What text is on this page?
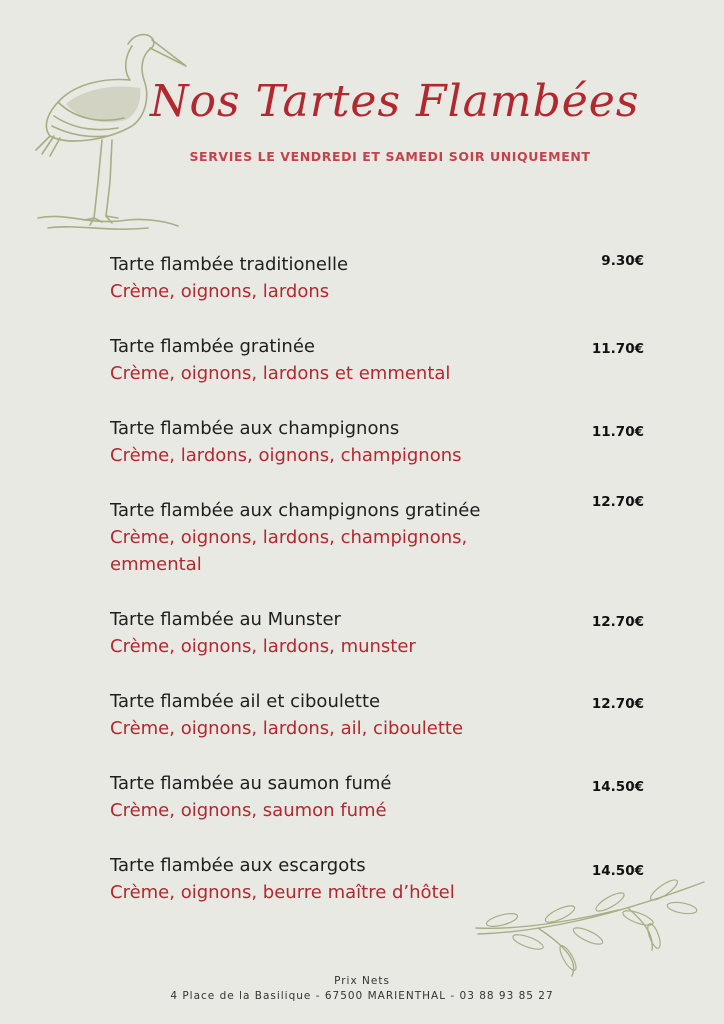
Nos Tartes Flambées
SERVIES LE VENDREDI ET SAMEDI SOIR UNIQUEMENT
Tarte flambée traditionelle
Crème, oignons, lardons
9.30€
Tarte flambée gratinée
Crème, oignons, lardons et emmental
11.70€
Tarte flambée aux champignons
Crème, lardons, oignons, champignons
11.70€
Tarte flambée aux champignons gratinée
Crème, oignons, lardons, champignons, emmental
12.70€
Tarte flambée au Munster
Crème, oignons, lardons, munster
12.70€
Tarte flambée ail et ciboulette
Crème, oignons, lardons, ail, ciboulette
12.70€
Tarte flambée au saumon fumé
Crème, oignons, saumon fumé
14.50€
Tarte flambée aux escargots
Crème, oignons, beurre maître d’hôtel
14.50€
Prix Nets
4 Place de la Basilique - 67500 MARIENTHAL - 03 88 93 85 27
